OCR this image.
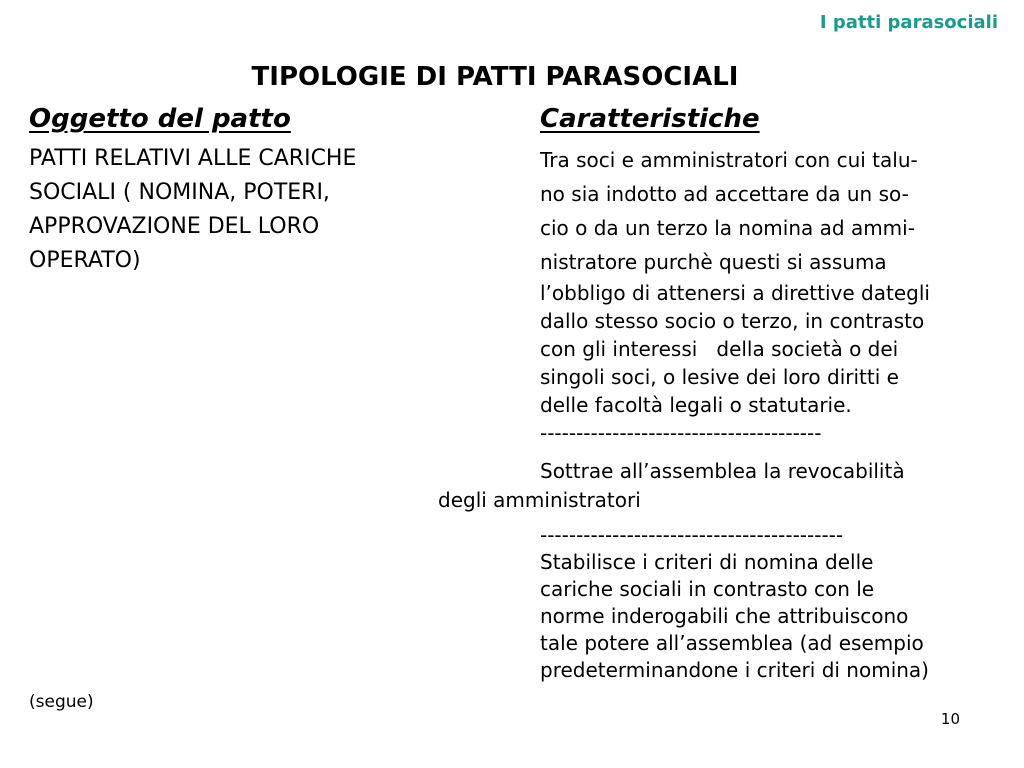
I patti parasociali
TIPOLOGIE DI PATTI PARASOCIALI
Oggetto del patto	Caratteristiche
PATTI RELATIVI ALLE CARICHE
SOCIALI ( NOMINA, POTERI,
APPROVAZIONE DEL LORO
OPERATO)
Tra soci e amministratori con cui talu-
no sia indotto ad accettare da un so-
cio o da un terzo la nomina ad ammi-
nistratore purchè questi si assuma
l’obbligo di attenersi a direttive dategli
dallo stesso socio o terzo, in contrasto
con gli interessi   della società o dei
singoli soci, o lesive dei loro diritti e
delle facoltà legali o statutarie.
---------------------------------------
Sottrae all’assemblea la revocabilità
degli amministratori
------------------------------------------
Stabilisce i criteri di nomina delle
cariche sociali in contrasto con le
norme inderogabili che attribuiscono
tale potere all’assemblea (ad esempio
predeterminandone i criteri di nomina)
(segue)
10
